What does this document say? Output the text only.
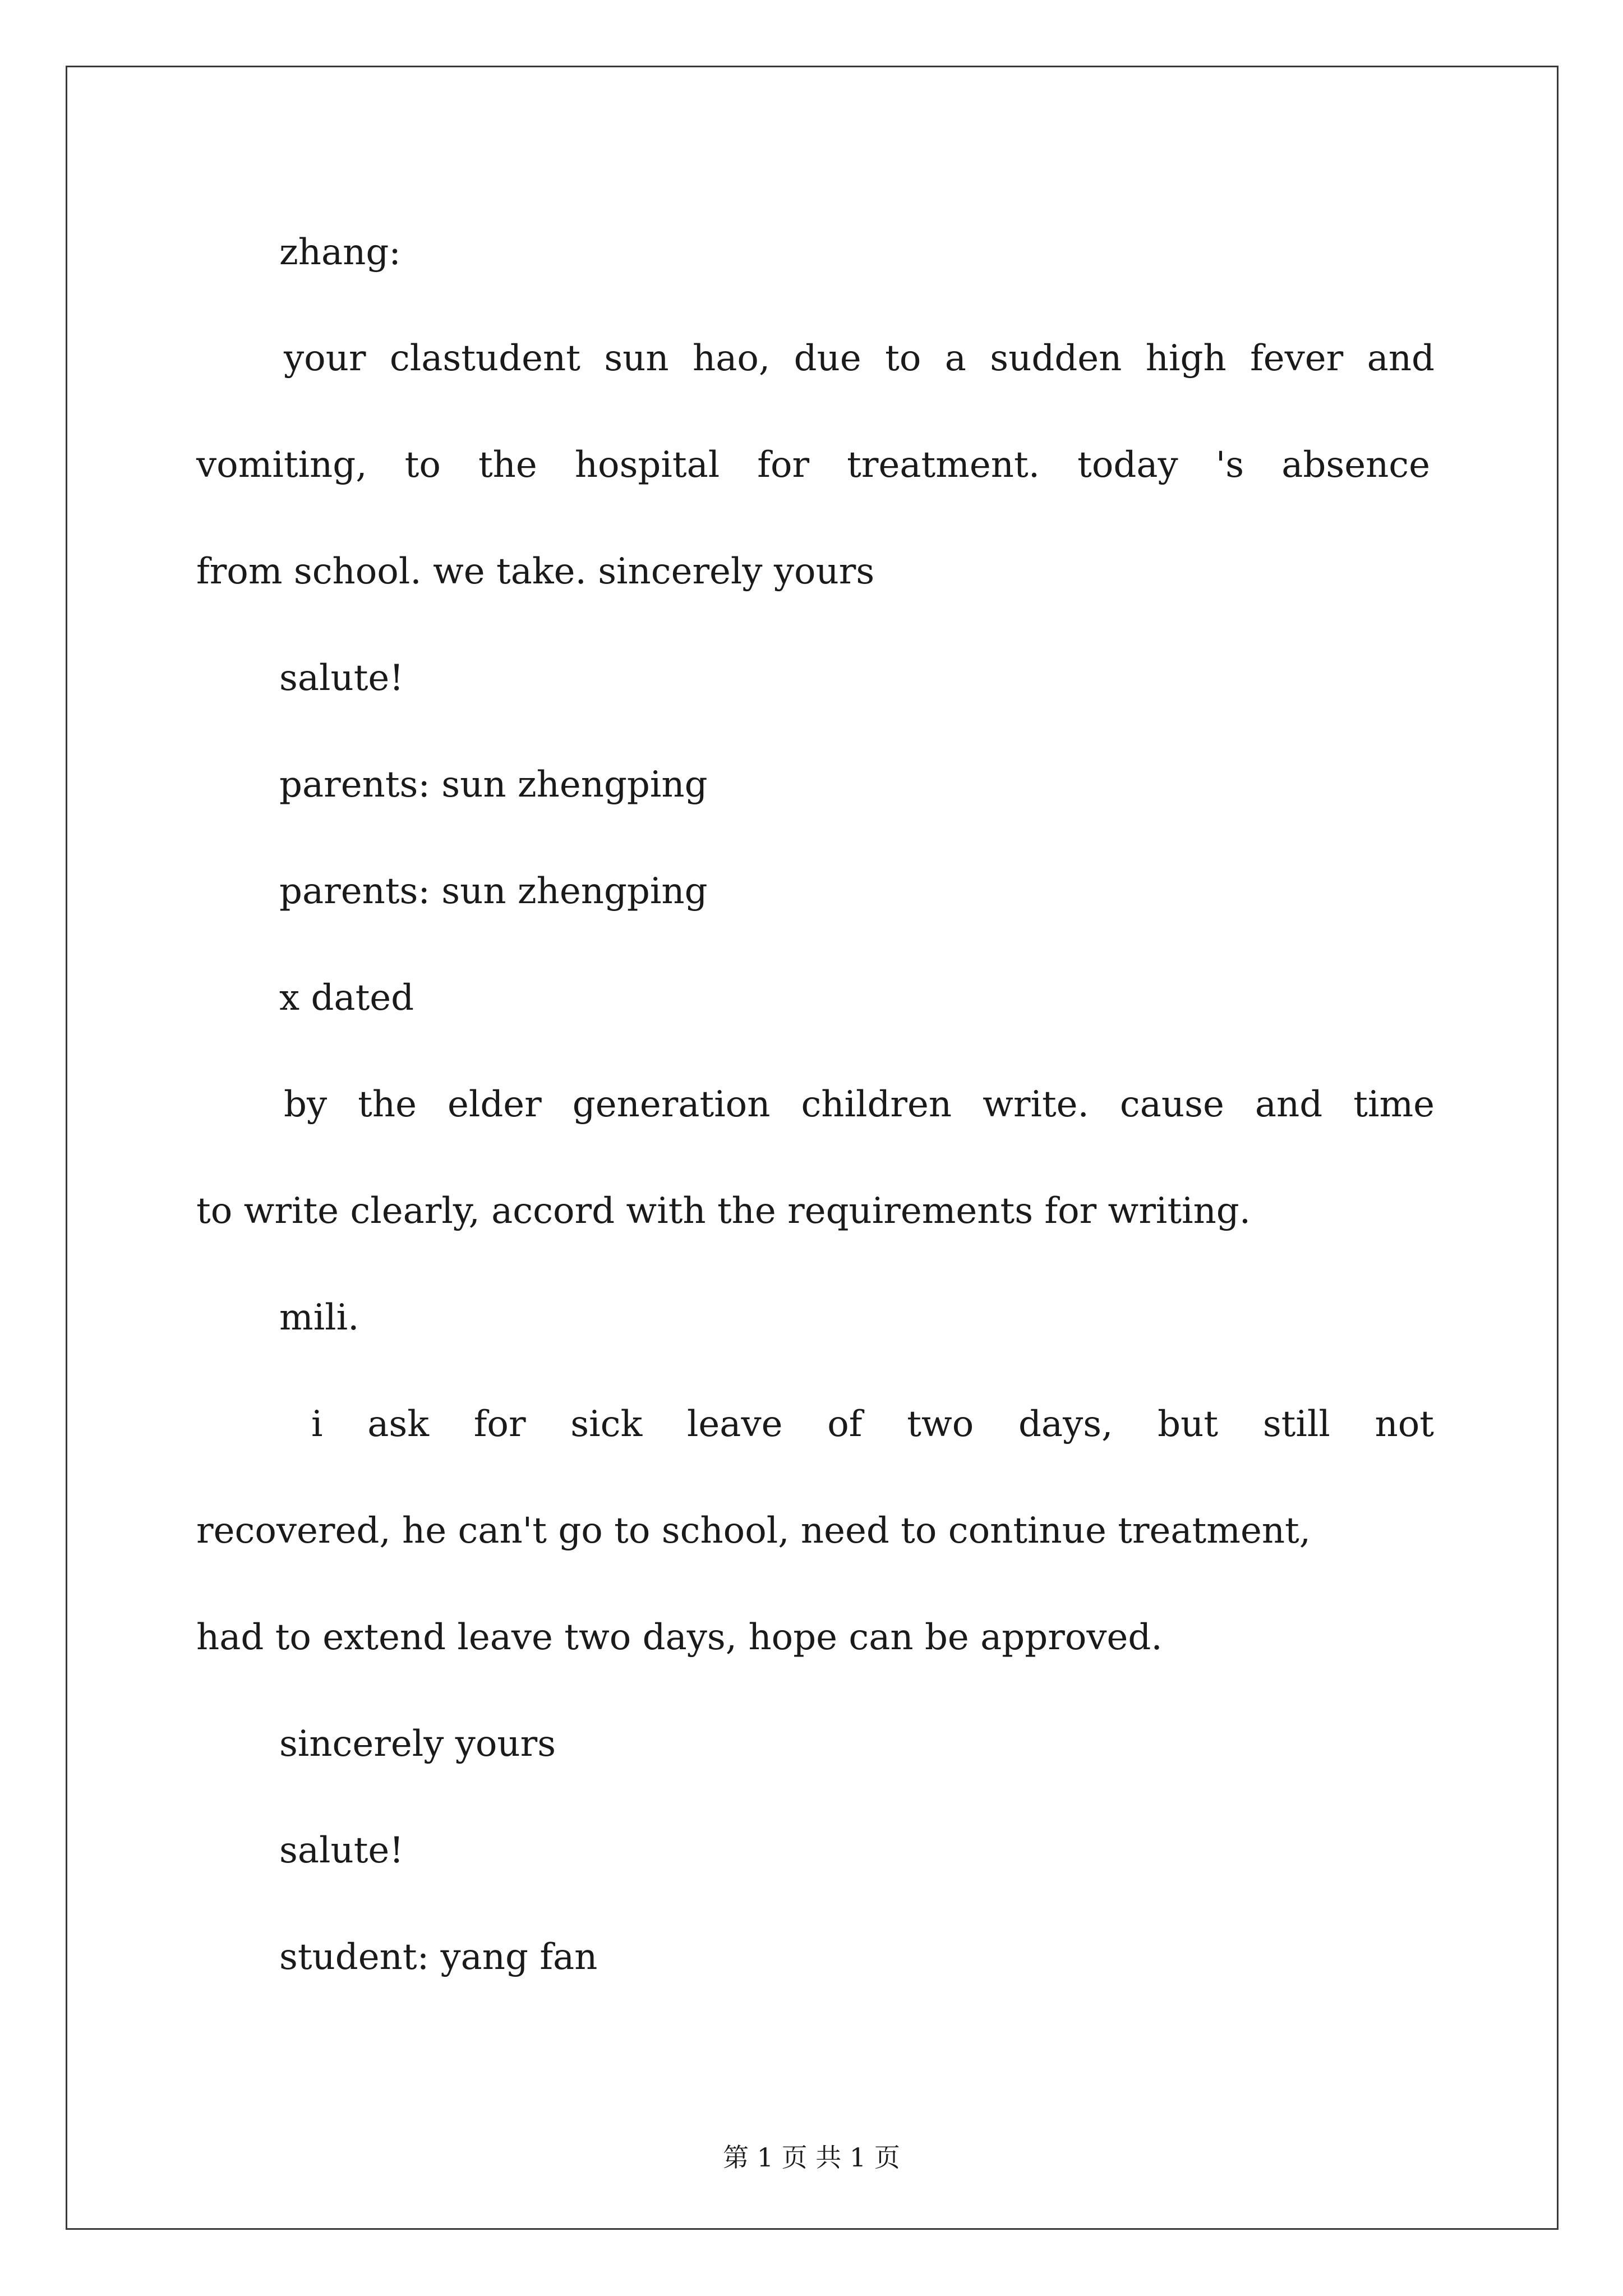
zhang:
your clastudent sun hao, due to a sudden high fever and
vomiting, to the hospital for treatment. today 's absence
from school. we take. sincerely yours
salute!
parents: sun zhengping
parents: sun zhengping
x dated
by the elder generation children write. cause and time
to write clearly, accord with the requirements for writing.
mili.
i ask for sick leave of two days, but still not
recovered, he can't go to school, need to continue treatment,
had to extend leave two days, hope can be approved.
sincerely yours
salute!
student: yang fan
第 1 页 共 1 页
